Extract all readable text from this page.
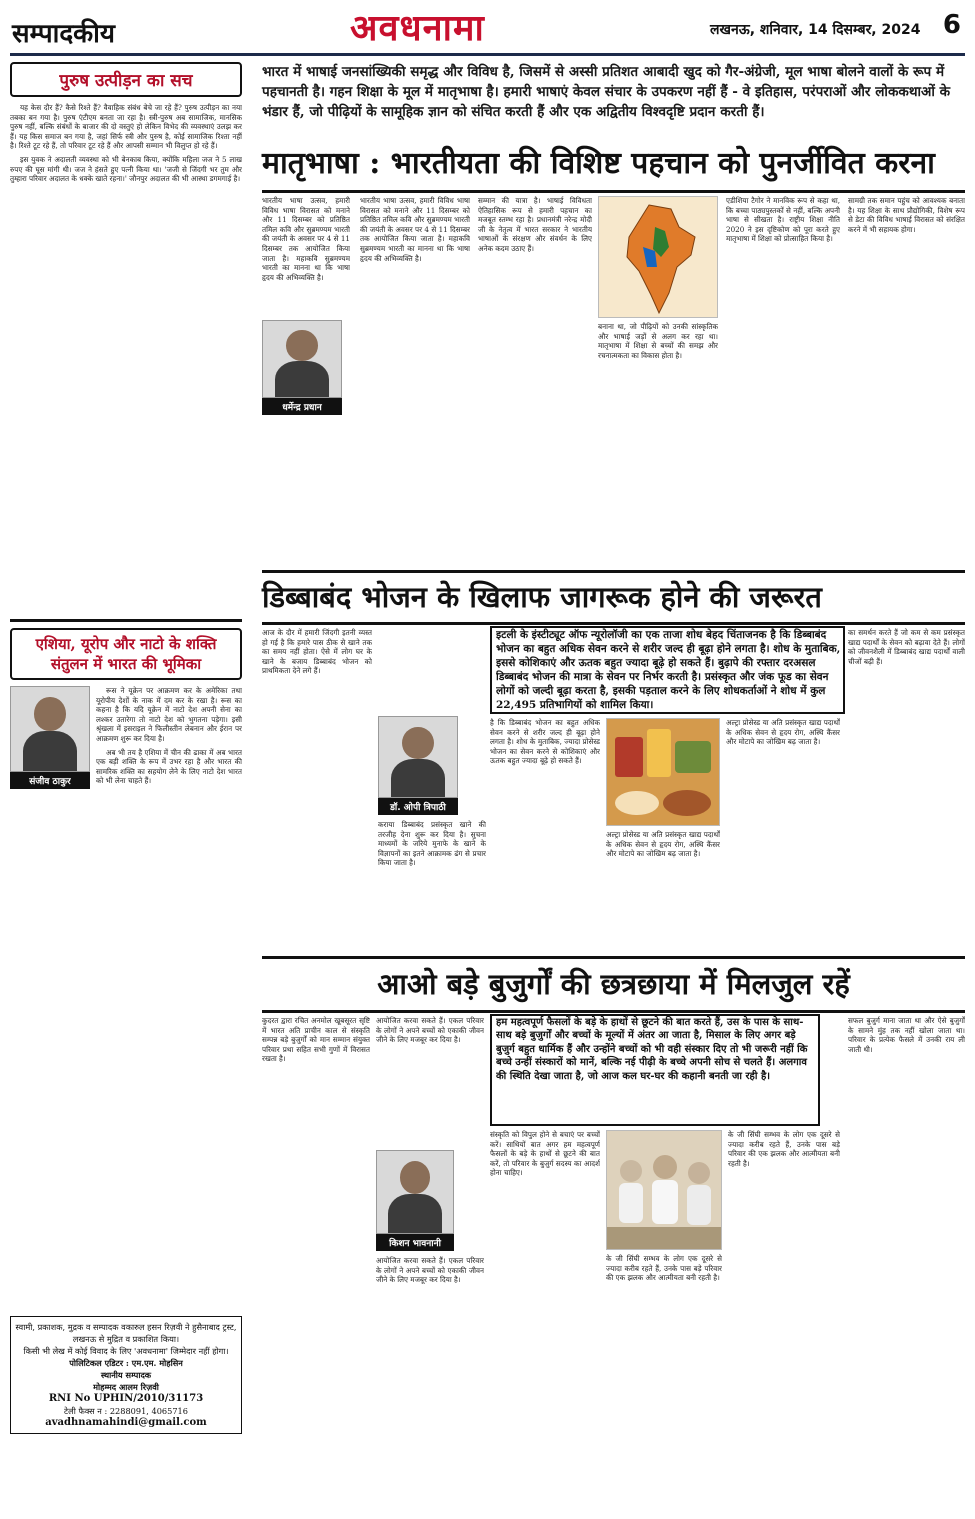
सम्पादकीय	अवधनामा	लखनऊ, शनिवार, 14 दिसम्बर, 2024 6
पुरुष उत्पीड़न का सच

यह केस दौर हैं? कैसे रिश्ते हैं? वैवाहिक संबंध बेचे जा रहे हैं? पुरुष उत्पीड़न का नया तबका बन गया है। पुरुष एंटीएम बनता जा रहा है। स्त्री-पुरुष अब सामाजिक, मानसिक पुरुष नहीं, बल्कि संबंधों के बाजार की दो वस्तुएं हो लेकिन विभेद की व्यवस्थाएं उलझ कर हैं। यह किस समाज बन गया है, जहां सिर्फ स्त्री और पुरुष है, कोई सामाजिक रिश्ता नहीं है। रिश्ते टूट रहे हैं, तो परिवार टूट रहे हैं और आपसी सम्मान भी विलुप्त हो रहे हैं।

इस युवक ने अदालती व्यवस्था को भी बेनकाब किया, क्योंकि महिला जज ने 5 लाख रुपए की घूस मांगी थी। जज ने हंसते हुए पत्नी किया था। 'जजी से जिंदगी भर तुम और तुम्हारा परिवार अदालत के धक्के खाते रहना।' जौनपुर अदालत की भी आस्था डगमगाई है।

एशिया, यूरोप और नाटो के शक्ति संतुलन में भारत की भूमिका
संजीव ठाकुर

रूस ने यूक्रेन पर आक्रमण कर के अमेरिका तथा यूरोपीय देशों के नाक में दम कर के रखा है। रूस का कहना है कि यदि यूक्रेन में नाटो देश अपनी सेना का लश्कर उतारेगा तो नाटो देश को भुगतना पड़ेगा। इसी श्रृंखला में इसराइल ने फिलीस्तीन लेबनान और ईरान पर आक्रमण शुरू कर दिया है।

अब भी तय है एशिया में चीन की ढाका में अब भारत एक बड़ी शक्ति के रूप में उभर रहा है और भारत की सामरिक शक्ति का सहयोग लेने के लिए नाटो देश भारत को भी लेना चाहते हैं।

स्वामी, प्रकाशक, मुद्रक व सम्पादक वकारुल हसन रिज़वी ने हुसैनाबाद ट्रस्ट, लखनऊ से मुद्रित व प्रकाशित किया।
किसी भी लेख में कोई विवाद के लिए 'अवधनामा' जिम्मेदार नहीं होगा।
पोलिटिकल एडिटर : एम.एम. मोहसिन
स्थानीय सम्पादक
मोहम्मद आलम रिज़वी
RNI No UPHIN/2010/31173
टेली फैक्स न : 2288091, 4065716
avadhnamahindi@gmail.com
भारत में भाषाई जनसांख्यिकी समृद्ध और विविध है, जिसमें से अस्सी प्रतिशत आबादी खुद को गैर-अंग्रेजी, मूल भाषा बोलने वालों के रूप में पहचानती है। गहन शिक्षा के मूल में मातृभाषा है। हमारी भाषाएं केवल संचार के उपकरण नहीं हैं - वे इतिहास, परंपराओं और लोककथाओं के भंडार हैं, जो पीढ़ियों के सामूहिक ज्ञान को संचित करती हैं और एक अद्वितीय विश्वदृष्टि प्रदान करती हैं।
मातृभाषा : भारतीयता की विशिष्ट पहचान को पुनर्जीवित करना
भारतीय भाषा उत्सव, हमारी विविध भाषा विरासत को मनाने और 11 दिसम्बर को प्रतिष्ठित तमिल कवि और सुब्रमण्यम भारती की जयंती के अवसर पर 4 से 11 दिसम्बर तक आयोजित किया जाता है। महाकवि सुब्रमण्यम भारती का मानना था कि भाषा हृदय की अभिव्यक्ति है।
धर्मेन्द्र प्रधान
भारतीय भाषा उत्सव, हमारी विविध भाषा विरासत को मनाने और 11 दिसम्बर को प्रतिष्ठित तमिल कवि और सुब्रमण्यम भारती की जयंती के अवसर पर 4 से 11 दिसम्बर तक आयोजित किया जाता है। महाकवि सुब्रमण्यम भारती का मानना था कि भाषा हृदय की अभिव्यक्ति है।
सम्मान की यात्रा है। भाषाई विविधता ऐतिहासिक रूप से हमारी पहचान का मजबूत स्तम्भ रहा है। प्रधानमंत्री नरेन्द्र मोदी जी के नेतृत्व में भारत सरकार ने भारतीय भाषाओं के संरक्षण और संवर्धन के लिए अनेक कदम उठाए हैं।
बनाना था, जो पीढ़ियों को उनकी सांस्कृतिक और भाषाई जड़ों से अलग कर रहा था। मातृभाषा में शिक्षा से बच्चों की समझ और रचनात्मकता का विकास होता है।
एडीशिया टैगोर ने मानविक रूप से कहा था, कि बच्चा पाठ्यपुस्तकों से नहीं, बल्कि अपनी भाषा से सीखता है। राष्ट्रीय शिक्षा नीति 2020 ने इस दृष्टिकोण को पूरा करते हुए मातृभाषा में शिक्षा को प्रोत्साहित किया है।
सामग्री तक समान पहुंच को आवश्यक बनाता है। यह शिक्षा के साथ प्रौद्योगिकी, विशेष रूप से डेटा की विविध भाषाई विरासत को संरक्षित करने में भी सहायक होगा।
डिब्बाबंद भोजन के खिलाफ जागरूक होने की जरूरत
आज के दौर में हमारी जिंदगी इतनी व्यस्त हो गई है कि हमारे पास ठीक से खाने तक का समय नहीं होता। ऐसे में लोग घर के खाने के बजाय डिब्बाबंद भोजन को प्राथमिकता देने लगे हैं।
डॉ. ओपी त्रिपाठी
कराया डिब्बाबंद प्रसंस्कृत खाने की तरजीह देना शुरू कर दिया है। सुचना माध्यमों के जरिये मुनाफे के खाने के विज्ञापनों का इतने आक्रामक ढंग से प्रचार किया जाता है।
इटली के इंस्टीट्यूट ऑफ न्यूरोलॉजी का एक ताजा शोध बेहद चिंताजनक है कि डिब्बाबंद भोजन का बहुत अधिक सेवन करने से शरीर जल्द ही बूढ़ा होने लगता है। शोध के मुताबिक, इससे कोशिकाएं और ऊतक बहुत ज्यादा बूढ़े हो सकते हैं। बुढ़ापे की रफ्तार दरअसल डिब्बाबंद भोजन की मात्रा के सेवन पर निर्भर करती है। प्रसंस्कृत और जंक फूड का सेवन लोगों को जल्दी बूढ़ा करता है, इसकी पड़ताल करने के लिए शोधकर्ताओं ने शोध में कुल 22,495 प्रतिभागियों को शामिल किया।
है कि डिब्बाबंद भोजन का बहुत अधिक सेवन करने से शरीर जल्द ही बूढ़ा होने लगता है। शोध के मुताबिक, ज्यादा प्रोसेस्ड भोजन का सेवन करने से कोशिकाएं और ऊतक बहुत ज्यादा बूढ़े हो सकते हैं।
अल्ट्रा प्रोसेस्ड या अति प्रसंस्कृत खाद्य पदार्थों के अधिक सेवन से हृदय रोग, अस्थि कैंसर और मोटापे का जोखिम बढ़ जाता है।
अल्ट्रा प्रोसेस्ड या अति प्रसंस्कृत खाद्य पदार्थों के अधिक सेवन से हृदय रोग, अस्थि कैंसर और मोटापे का जोखिम बढ़ जाता है।
का समर्थन करते हैं जो कम से कम प्रसंस्कृत खाद्य पदार्थों के सेवन को बढ़ावा देते हैं। लोगों को जीवनशैली में डिब्बाबंद खाद्य पदार्थों वाली चीजों बढ़ी हैं।
आओ बड़े बुजुर्गों की छत्रछाया में मिलजुल रहें
कुदरत द्वारा रचित अनमोल खूबसूरत सृष्टि में भारत अति प्राचीन काल से संस्कृति सम्पन्न बड़े बुजुर्गों को मान सम्मान संयुक्त परिवार प्रथा सहित सभी गुणों में विरासत रखता है।
आयोजित करवा सकते हैं। एकल परिवार के लोगों ने अपने बच्चों को एकाकी जीवन जीने के लिए मजबूर कर दिया है।
किशन भावनानी
आयोजित करवा सकते हैं। एकल परिवार के लोगों ने अपने बच्चों को एकाकी जीवन जीने के लिए मजबूर कर दिया है।
हम महत्वपूर्ण फैसलों के बड़े के हाथों से छूटने की बात करते हैं, उस के पास के साथ-साथ बड़े बुजुर्गों और बच्चों के मूल्यों में अंतर आ जाता है, मिसाल के लिए अगर बड़े बुजुर्ग बहुत धार्मिक हैं और उन्होंने बच्चों को भी वही संस्कार दिए तो भी जरूरी नहीं कि बच्चे उन्हीं संस्कारों को मानें, बल्कि नई पीढ़ी के बच्चे अपनी सोच से चलते हैं। अलगाव की स्थिति देखा जाता है, जो आज कल घर-घर की कहानी बनती जा रही है।
संस्कृति को विपुल होने से बचाएं पर बच्चों करें। साथियों बात अगर हम महत्वपूर्ण फैसलों के बड़े के हाथों से छूटने की बात करें, तो परिवार के बुजुर्ग सदस्य का आदर्श होना चाहिए।
के जी सिंघी सम्भव के लोग एक दूसरे से ज्यादा करीब रहते हैं, उनके पास बड़े परिवार की एक झलक और आत्मीयता बनी रहती है।
के जी सिंघी सम्भव के लोग एक दूसरे से ज्यादा करीब रहते हैं, उनके पास बड़े परिवार की एक झलक और आत्मीयता बनी रहती है।
सफल बुजुर्ग माना जाता था और ऐसे बुजुर्गों के सामने मुंह तक नहीं खोला जाता था। परिवार के प्रत्येक फैसले में उनकी राय ली जाती थी।
